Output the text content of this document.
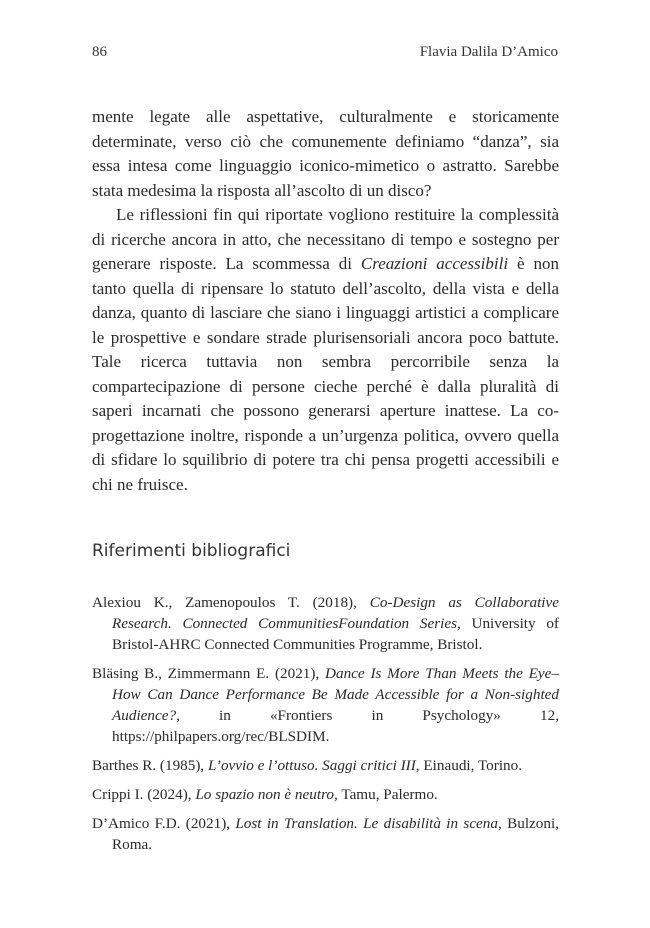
86	Flavia Dalila D’Amico

mente legate alle aspettative, culturalmente e storicamente determinate, verso ciò che comunemente definiamo “danza”, sia essa intesa come linguaggio iconico-mimetico o astratto. Sarebbe stata medesima la risposta all’ascolto di un disco?

Le riflessioni fin qui riportate vogliono restituire la complessità di ricerche ancora in atto, che necessitano di tempo e sostegno per generare risposte. La scommessa di Creazioni accessibili è non tanto quella di ripensare lo statuto dell’ascolto, della vista e della danza, quanto di lasciare che siano i linguaggi artistici a complicare le prospettive e sondare strade plurisensoriali ancora poco battute. Tale ricerca tuttavia non sembra percorribile senza la compartecipazione di persone cieche perché è dalla pluralità di saperi incarnati che possono generarsi aperture inattese. La co-progettazione inoltre, risponde a un’urgenza politica, ovvero quella di sfidare lo squilibrio di potere tra chi pensa progetti accessibili e chi ne fruisce.

Riferimenti bibliografici

Alexiou K., Zamenopoulos T. (2018), Co-Design as Collaborative Research. Connected CommunitiesFoundation Series, University of Bristol-AHRC Connected Communities Programme, Bristol.

Bläsing B., Zimmermann E. (2021), Dance Is More Than Meets the Eye–How Can Dance Performance Be Made Accessible for a Non-sighted Audience?, in «Frontiers in Psychology» 12, https://philpapers.org/rec/BLSDIM.

Barthes R. (1985), L’ovvio e l’ottuso. Saggi critici III, Einaudi, Torino.

Crippi I. (2024), Lo spazio non è neutro, Tamu, Palermo.

D’Amico F.D. (2021), Lost in Translation. Le disabilità in scena, Bulzoni, Roma.
